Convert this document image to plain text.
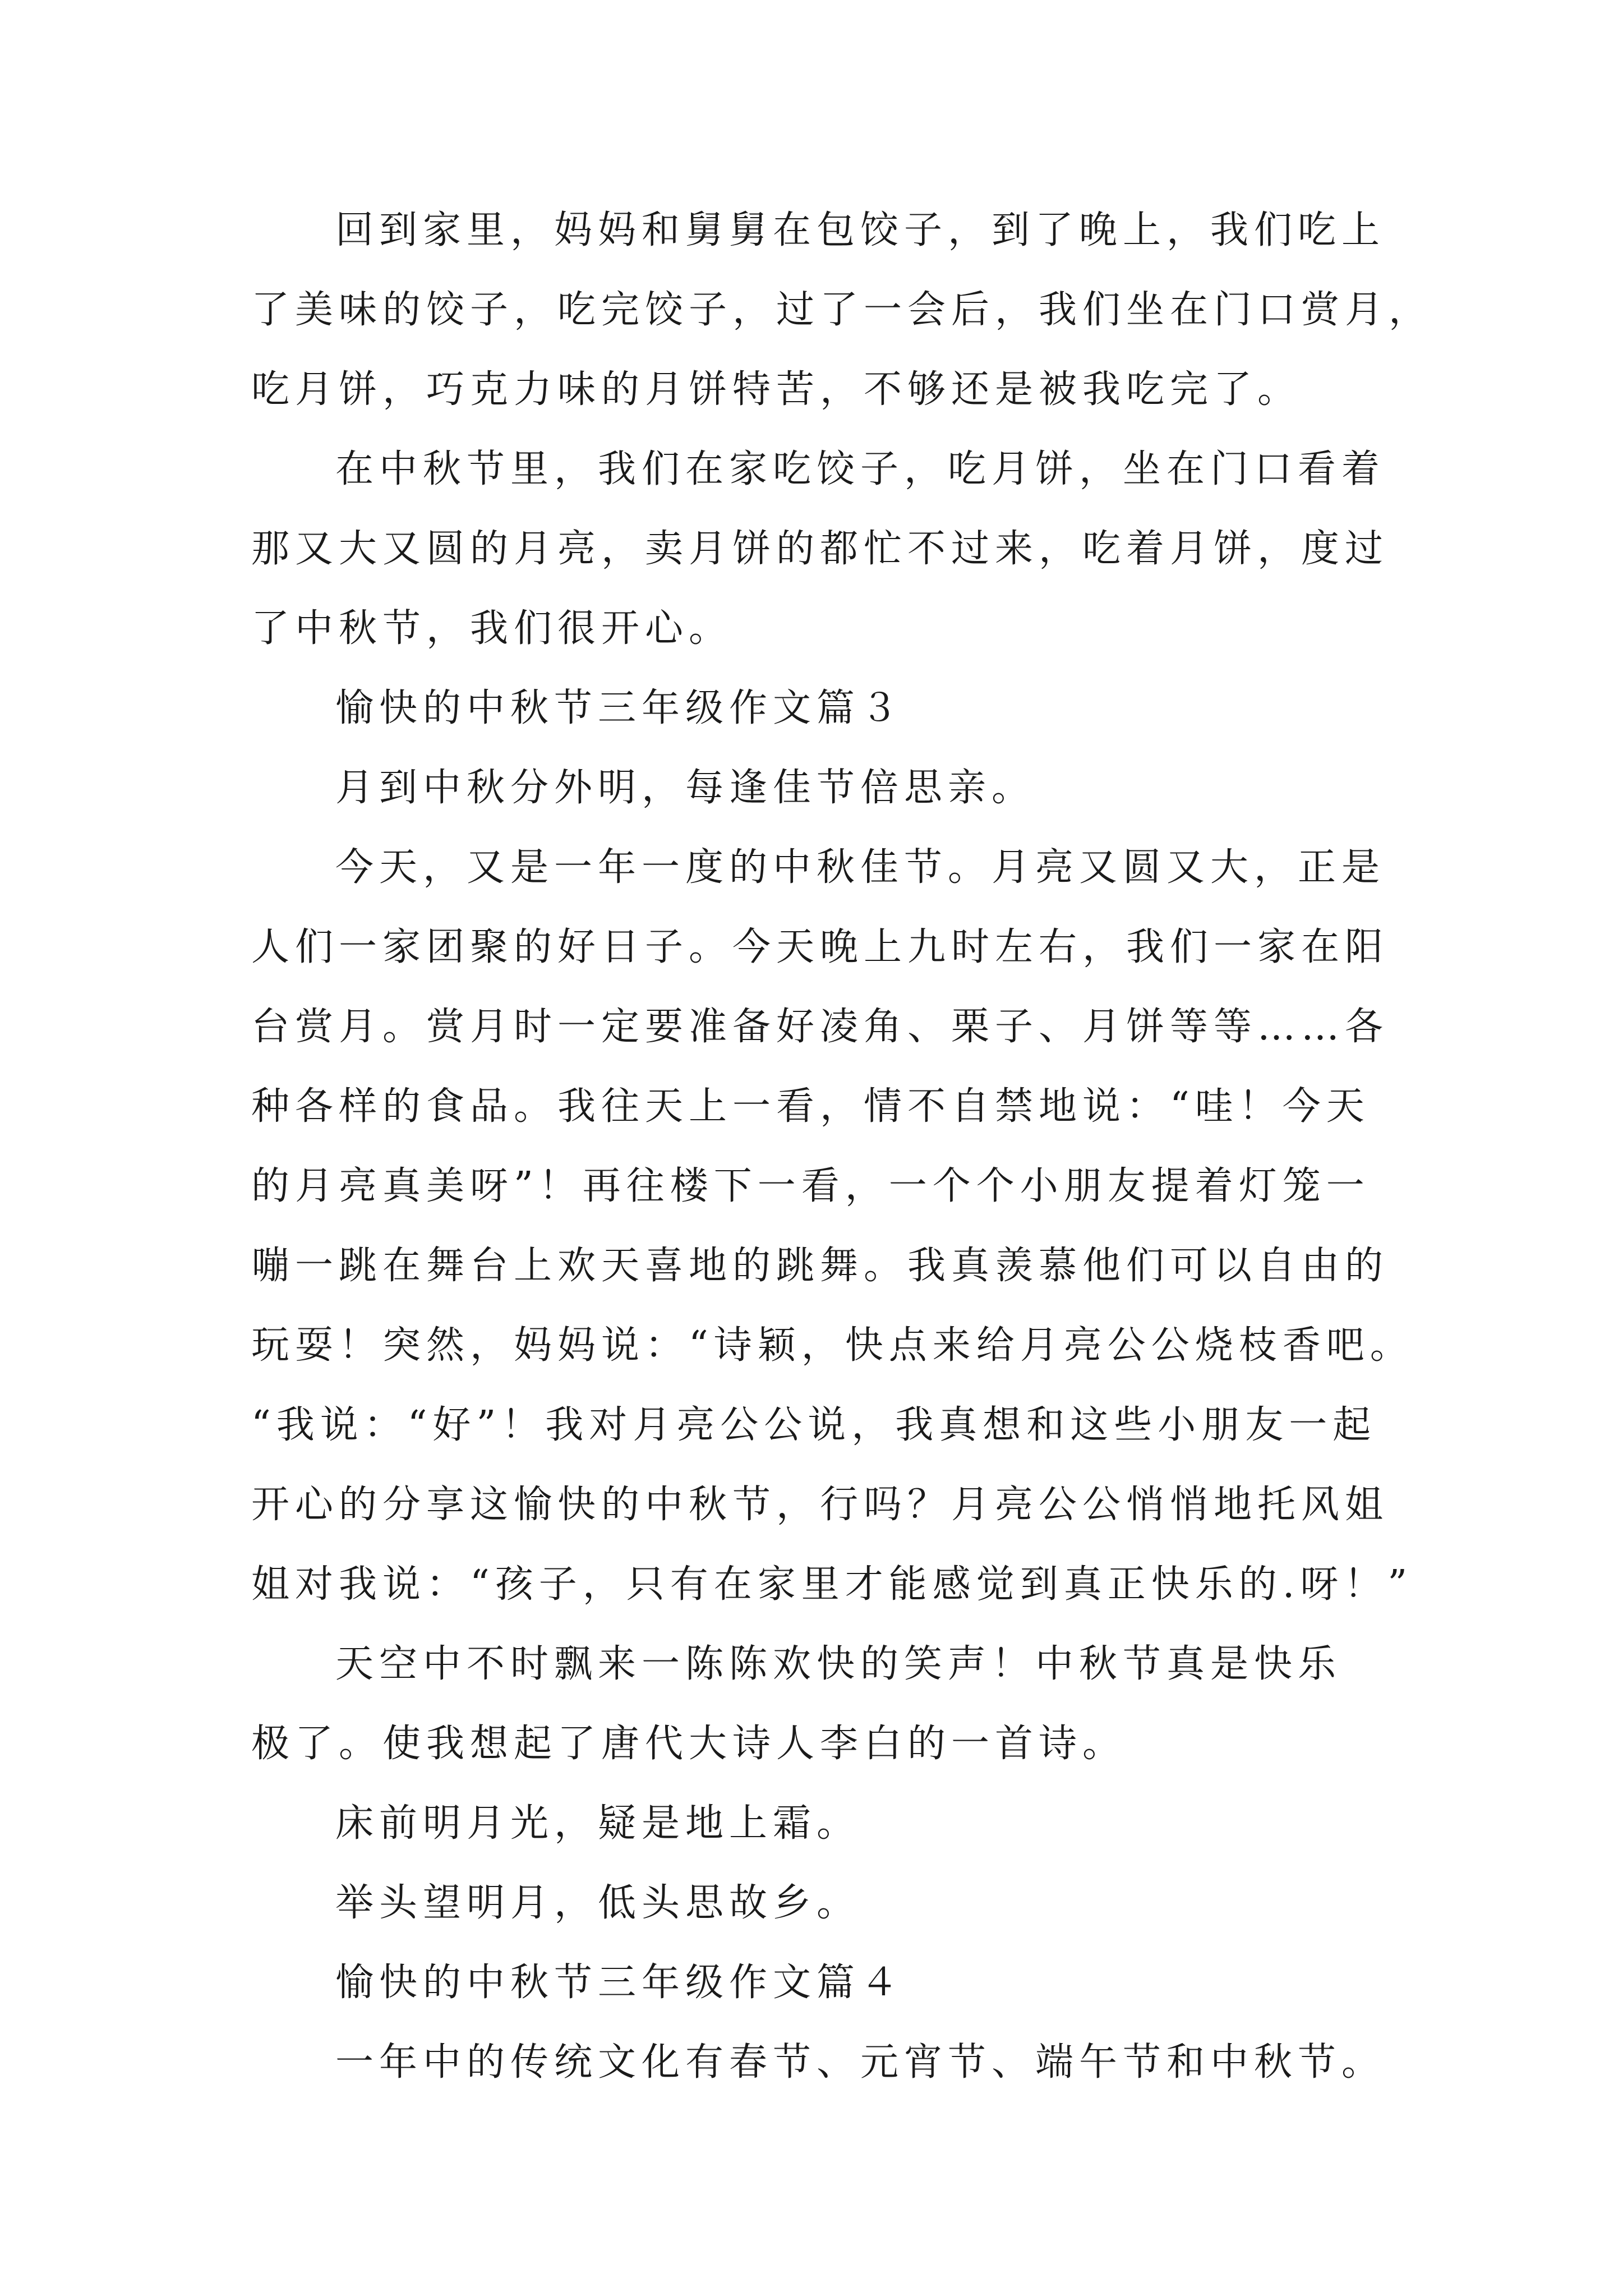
回到家里，妈妈和舅舅在包饺子，到了晚上，我们吃上
了美味的饺子，吃完饺子，过了一会后，我们坐在门口赏月，
吃月饼，巧克力味的月饼特苦，不够还是被我吃完了。
在中秋节里，我们在家吃饺子，吃月饼，坐在门口看着
那又大又圆的月亮，卖月饼的都忙不过来，吃着月饼，度过
了中秋节，我们很开心。
愉快的中秋节三年级作文篇３
月到中秋分外明，每逢佳节倍思亲。
今天，又是一年一度的中秋佳节。月亮又圆又大，正是
人们一家团聚的好日子。今天晚上九时左右，我们一家在阳
台赏月。赏月时一定要准备好凌角、栗子、月饼等等……各
种各样的食品。我往天上一看，情不自禁地说：“哇！今天
的月亮真美呀”！再往楼下一看，一个个小朋友提着灯笼一
嘣一跳在舞台上欢天喜地的跳舞。我真羡慕他们可以自由的
玩耍！突然，妈妈说：“诗颖，快点来给月亮公公烧枝香吧。
“我说：“好”！我对月亮公公说，我真想和这些小朋友一起
开心的分享这愉快的中秋节，行吗？月亮公公悄悄地托风姐
姐对我说：“孩子，只有在家里才能感觉到真正快乐的.呀！”
天空中不时飘来一陈陈欢快的笑声！中秋节真是快乐
极了。使我想起了唐代大诗人李白的一首诗。
床前明月光，疑是地上霜。
举头望明月，低头思故乡。
愉快的中秋节三年级作文篇４
一年中的传统文化有春节、元宵节、端午节和中秋节。
